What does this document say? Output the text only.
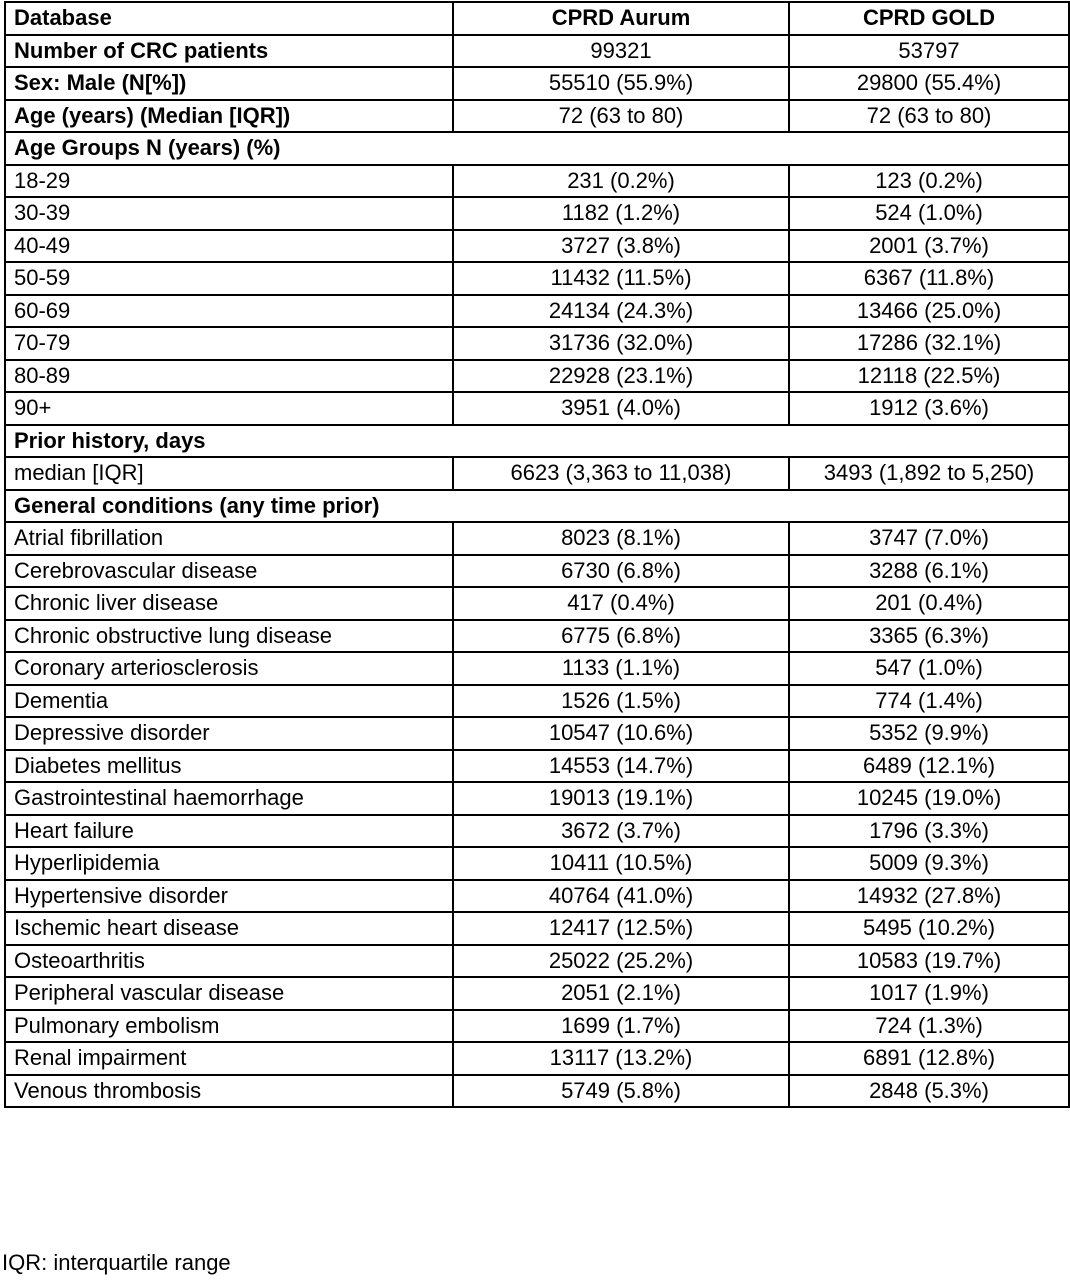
Database	CPRD Aurum	CPRD GOLD
Number of CRC patients	99321	53797
Sex: Male (N[%])	55510 (55.9%)	29800 (55.4%)
Age (years) (Median [IQR])	72 (63 to 80)	72 (63 to 80)
Age Groups N (years) (%)		
18-29	231 (0.2%)	123 (0.2%)
30-39	1182 (1.2%)	524 (1.0%)
40-49	3727 (3.8%)	2001 (3.7%)
50-59	11432 (11.5%)	6367 (11.8%)
60-69	24134 (24.3%)	13466 (25.0%)
70-79	31736 (32.0%)	17286 (32.1%)
80-89	22928 (23.1%)	12118 (22.5%)
90+	3951 (4.0%)	1912 (3.6%)
Prior history, days		
median [IQR]	6623 (3,363 to 11,038)	3493 (1,892 to 5,250)
General conditions (any time prior)		
Atrial fibrillation	8023 (8.1%)	3747 (7.0%)
Cerebrovascular disease	6730 (6.8%)	3288 (6.1%)
Chronic liver disease	417 (0.4%)	201 (0.4%)
Chronic obstructive lung disease	6775 (6.8%)	3365 (6.3%)
Coronary arteriosclerosis	1133 (1.1%)	547 (1.0%)
Dementia	1526 (1.5%)	774 (1.4%)
Depressive disorder	10547 (10.6%)	5352 (9.9%)
Diabetes mellitus	14553 (14.7%)	6489 (12.1%)
Gastrointestinal haemorrhage	19013 (19.1%)	10245 (19.0%)
Heart failure	3672 (3.7%)	1796 (3.3%)
Hyperlipidemia	10411 (10.5%)	5009 (9.3%)
Hypertensive disorder	40764 (41.0%)	14932 (27.8%)
Ischemic heart disease	12417 (12.5%)	5495 (10.2%)
Osteoarthritis	25022 (25.2%)	10583 (19.7%)
Peripheral vascular disease	2051 (2.1%)	1017 (1.9%)
Pulmonary embolism	1699 (1.7%)	724 (1.3%)
Renal impairment	13117 (13.2%)	6891 (12.8%)
Venous thrombosis	5749 (5.8%)	2848 (5.3%)
IQR: interquartile range
